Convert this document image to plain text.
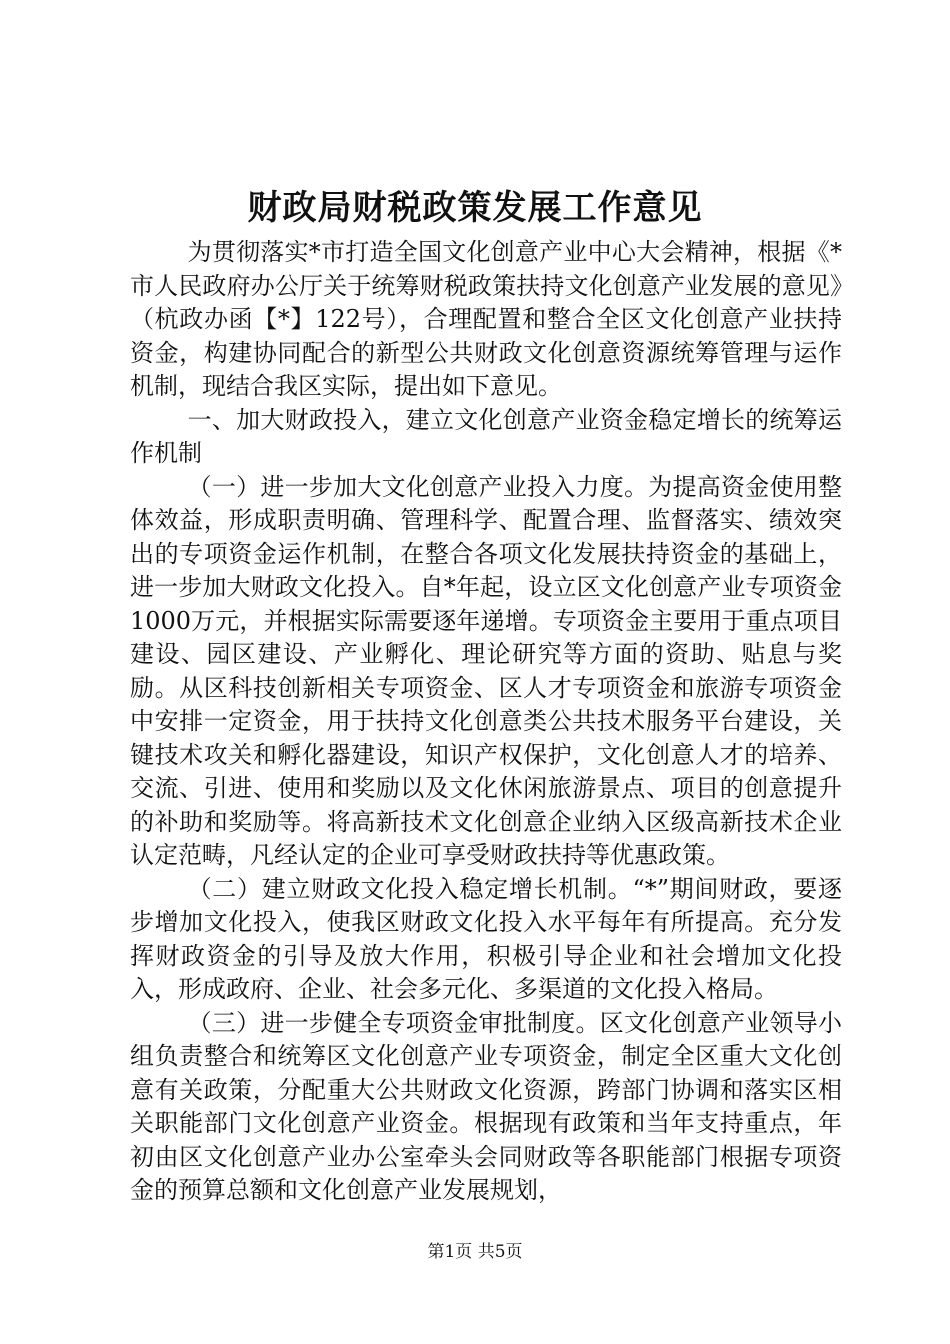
财政局财税政策发展工作意见

为贯彻落实*市打造全国文化创意产业中心大会精神，根据《*市人民政府办公厅关于统筹财税政策扶持文化创意产业发展的意见》（杭政办函【*】122号），合理配置和整合全区文化创意产业扶持资金，构建协同配合的新型公共财政文化创意资源统筹管理与运作机制，现结合我区实际，提出如下意见。

一、加大财政投入，建立文化创意产业资金稳定增长的统筹运作机制

（一）进一步加大文化创意产业投入力度。为提高资金使用整体效益，形成职责明确、管理科学、配置合理、监督落实、绩效突出的专项资金运作机制，在整合各项文化发展扶持资金的基础上，进一步加大财政文化投入。自*年起，设立区文化创意产业专项资金1000万元，并根据实际需要逐年递增。专项资金主要用于重点项目建设、园区建设、产业孵化、理论研究等方面的资助、贴息与奖励。从区科技创新相关专项资金、区人才专项资金和旅游专项资金中安排一定资金，用于扶持文化创意类公共技术服务平台建设，关键技术攻关和孵化器建设，知识产权保护，文化创意人才的培养、交流、引进、使用和奖励以及文化休闲旅游景点、项目的创意提升的补助和奖励等。将高新技术文化创意企业纳入区级高新技术企业认定范畴，凡经认定的企业可享受财政扶持等优惠政策。

（二）建立财政文化投入稳定增长机制。“*”期间财政，要逐步增加文化投入，使我区财政文化投入水平每年有所提高。充分发挥财政资金的引导及放大作用，积极引导企业和社会增加文化投入，形成政府、企业、社会多元化、多渠道的文化投入格局。

（三）进一步健全专项资金审批制度。区文化创意产业领导小组负责整合和统筹区文化创意产业专项资金，制定全区重大文化创意有关政策，分配重大公共财政文化资源，跨部门协调和落实区相关职能部门文化创意产业资金。根据现有政策和当年支持重点，年初由区文化创意产业办公室牵头会同财政等各职能部门根据专项资金的预算总额和文化创意产业发展规划，

第1页 共5页
